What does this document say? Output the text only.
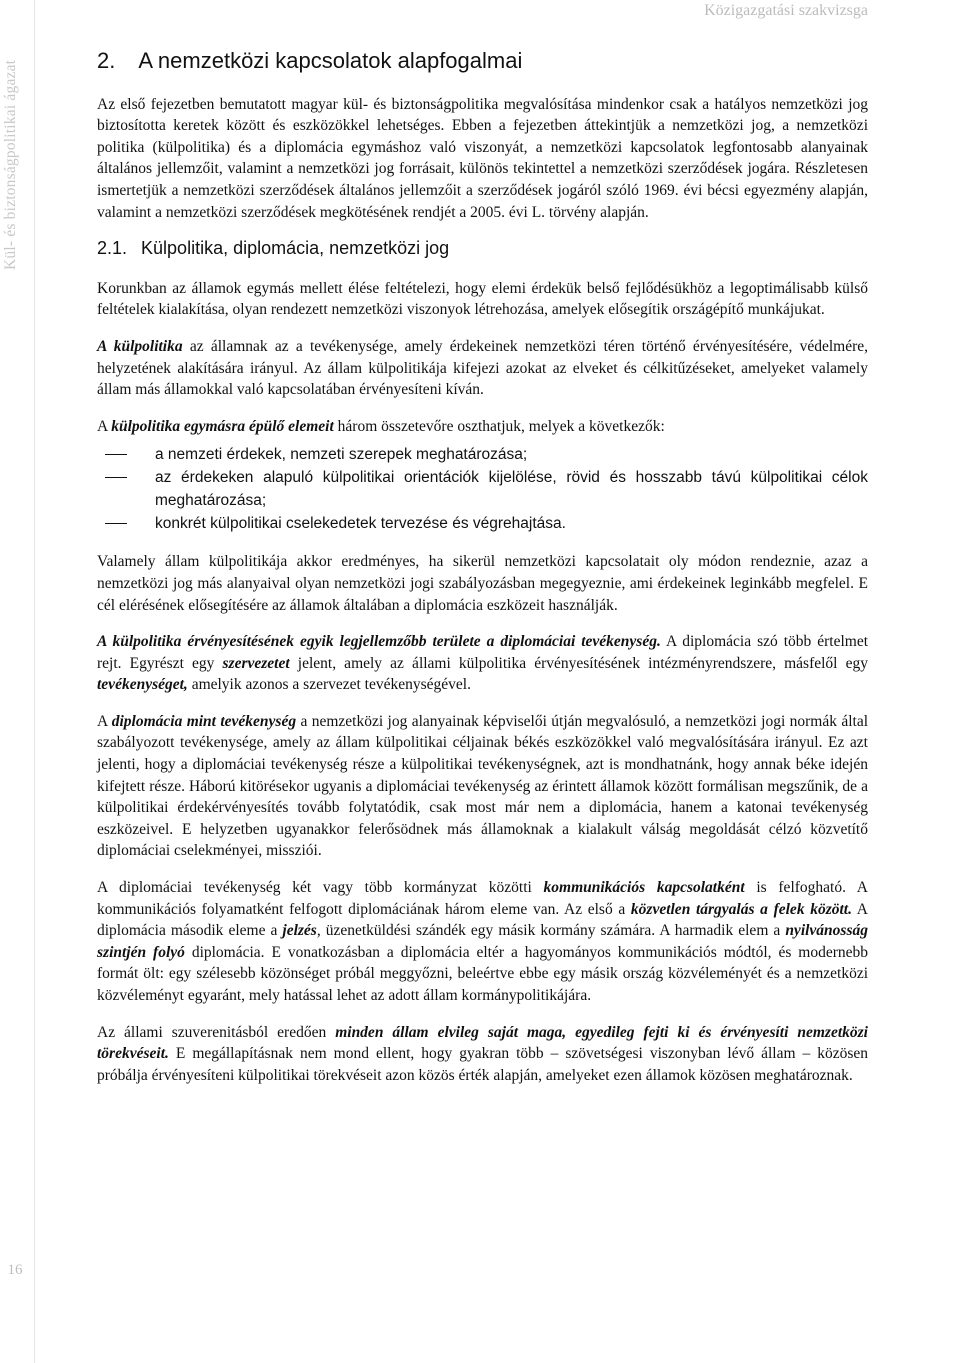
Kül- és biztonságpolitikai ágazat
16
Közigazgatási szakvizsga
2. A nemzetközi kapcsolatok alapfogalmai

Az első fejezetben bemutatott magyar kül- és biztonságpolitika megvalósítása mindenkor csak a hatályos nemzetközi jog biztosította keretek között és eszközökkel lehetséges. Ebben a fejezetben áttekintjük a nemzetközi jog, a nemzetközi politika (külpolitika) és a diplomácia egymáshoz való viszonyát, a nemzetközi kapcsolatok legfontosabb alanyainak általános jellemzőit, valamint a nemzetközi jog forrásait, különös tekintettel a nemzetközi szerződések jogára. Részletesen ismertetjük a nemzetközi szerződések általános jellemzőit a szerződések jogáról szóló 1969. évi bécsi egyezmény alapján, valamint a nemzetközi szerződések megkötésének rendjét a 2005. évi L. törvény alapján.

2.1. Külpolitika, diplomácia, nemzetközi jog

Korunkban az államok egymás mellett élése feltételezi, hogy elemi érdekük belső fejlődésükhöz a legoptimálisabb külső feltételek kialakítása, olyan rendezett nemzetközi viszonyok létrehozása, amelyek elősegítik országépítő munkájukat.

A külpolitika az államnak az a tevékenysége, amely érdekeinek nemzetközi téren történő érvényesítésére, védelmére, helyzetének alakítására irányul. Az állam külpolitikája kifejezi azokat az elveket és célkitűzéseket, amelyeket valamely állam más államokkal való kapcsolatában érvényesíteni kíván.

A külpolitika egymásra épülő elemeit három összetevőre oszthatjuk, melyek a következők:

a nemzeti érdekek, nemzeti szerepek meghatározása;
az érdekeken alapuló külpolitikai orientációk kijelölése, rövid és hosszabb távú külpolitikai célok meghatározása;
konkrét külpolitikai cselekedetek tervezése és végrehajtása.

Valamely állam külpolitikája akkor eredményes, ha sikerül nemzetközi kapcsolatait oly módon rendeznie, azaz a nemzetközi jog más alanyaival olyan nemzetközi jogi szabályozásban megegyeznie, ami érdekeinek leginkább megfelel. E cél elérésének elősegítésére az államok általában a diplomácia eszközeit használják.

A külpolitika érvényesítésének egyik legjellemzőbb területe a diplomáciai tevékenység. A diplomácia szó több értelmet rejt. Egyrészt egy szervezetet jelent, amely az állami külpolitika érvényesítésének intézményrendszere, másfelől egy tevékenységet, amelyik azonos a szervezet tevékenységével.

A diplomácia mint tevékenység a nemzetközi jog alanyainak képviselői útján megvalósuló, a nemzetközi jogi normák által szabályozott tevékenysége, amely az állam külpolitikai céljainak békés eszközökkel való megvalósítására irányul. Ez azt jelenti, hogy a diplomáciai tevékenység része a külpolitikai tevékenységnek, azt is mondhatnánk, hogy annak béke idején kifejtett része. Háború kitörésekor ugyanis a diplomáciai tevékenység az érintett államok között formálisan megszűnik, de a külpolitikai érdekérvényesítés tovább folytatódik, csak most már nem a diplomácia, hanem a katonai tevékenység eszközeivel. E helyzetben ugyanakkor felerősödnek más államoknak a kialakult válság megoldását célzó közvetítő diplomáciai cselekményei, missziói.

A diplomáciai tevékenység két vagy több kormányzat közötti kommunikációs kapcsolatként is felfogható. A kommunikációs folyamatként felfogott diplomáciának három eleme van. Az első a közvetlen tárgyalás a felek között. A diplomácia második eleme a jelzés, üzenetküldési szándék egy másik kormány számára. A harmadik elem a nyilvánosság szintjén folyó diplomácia. E vonatkozásban a diplomácia eltér a hagyományos kommunikációs módtól, és modernebb formát ölt: egy szélesebb közönséget próbál meggyőzni, beleértve ebbe egy másik ország közvéleményét és a nemzetközi közvéleményt egyaránt, mely hatással lehet az adott állam kormánypolitikájára.

Az állami szuverenitásból eredően minden állam elvileg saját maga, egyedileg fejti ki és érvényesíti nemzetközi törekvéseit. E megállapításnak nem mond ellent, hogy gyakran több – szövetségesi viszonyban lévő állam – közösen próbálja érvényesíteni külpolitikai törekvéseit azon közös érték alapján, amelyeket ezen államok közösen meghatároznak.
